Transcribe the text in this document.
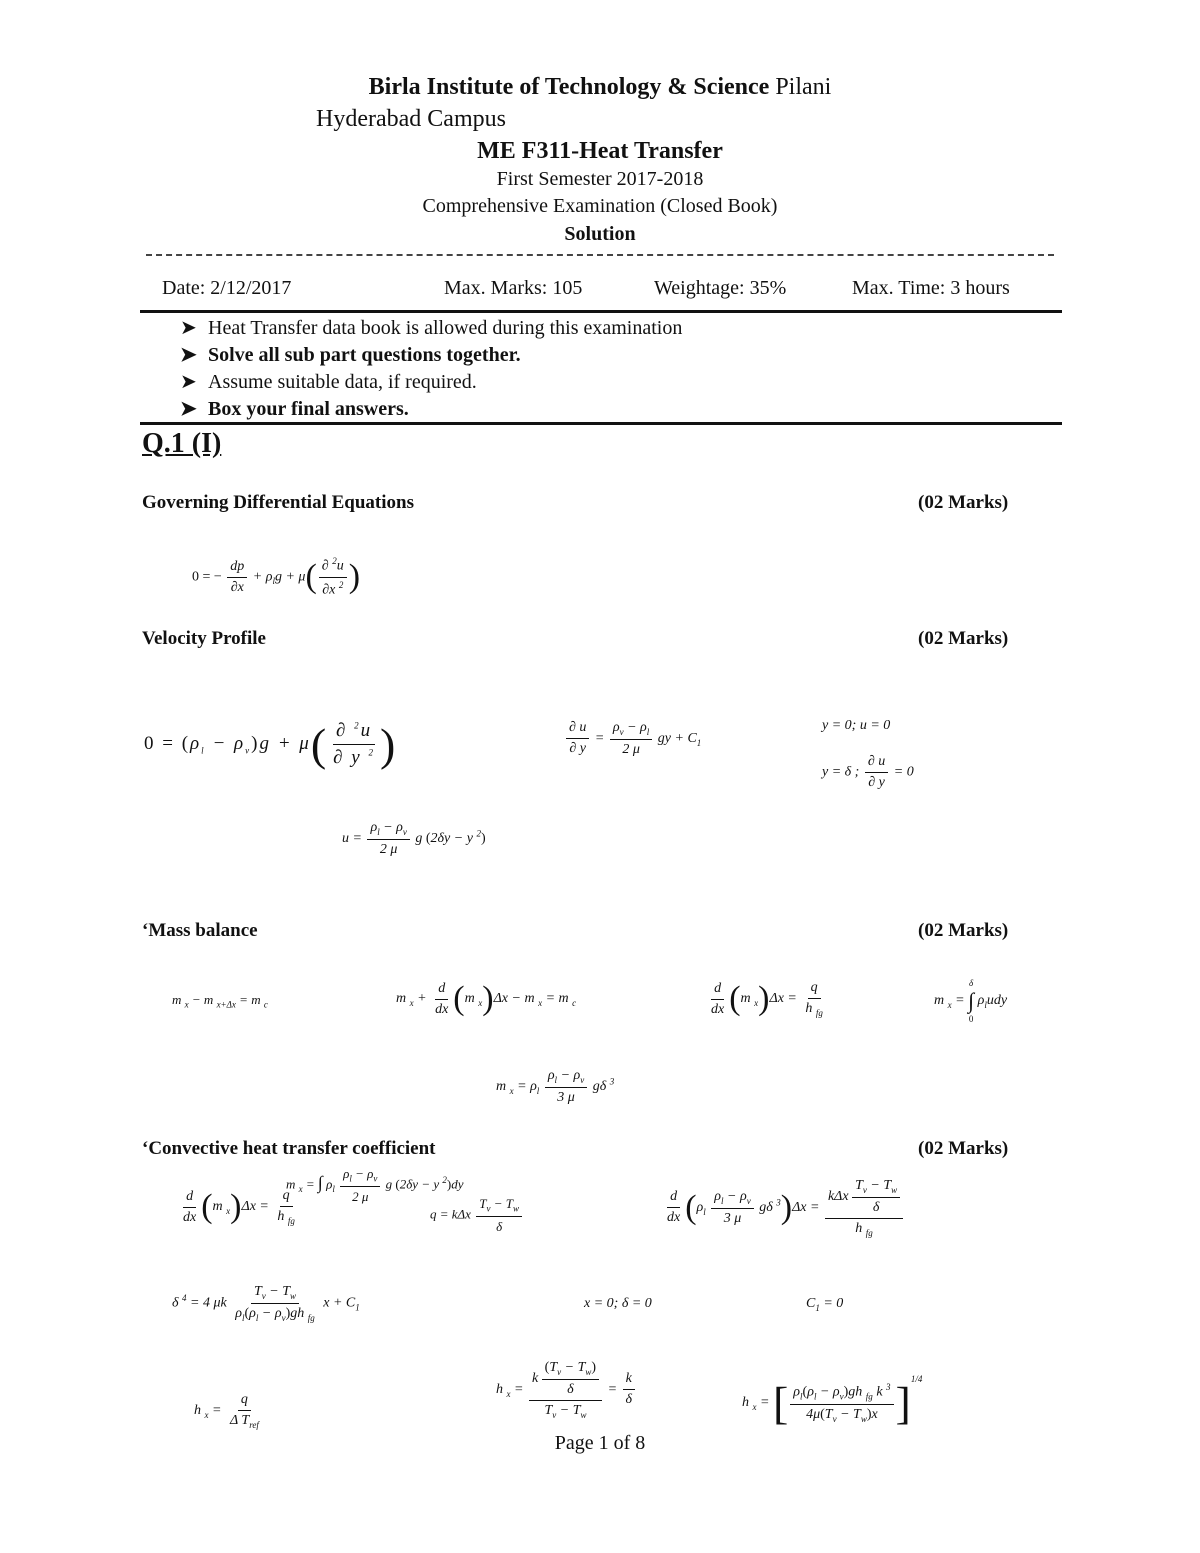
Birla Institute of Technology & Science Pilani
Hyderabad Campus
ME F311-Heat Transfer
First Semester 2017-2018
Comprehensive Examination (Closed Book)
Solution
Date: 2/12/2017	Max. Marks: 105	Weightage: 35%	Max. Time: 3 hours
➤ Heat Transfer data book is allowed during this examination
➤ Solve all sub part questions together.
➤ Assume suitable data, if required.
➤ Box your final answers.
Q.1 (I)
Governing Differential Equations	(02 Marks)
0 = − $\frac{dp}{\partial x} + \rho_lg + \mu( \frac{\partial ^2u}{\partial x ^2}$ )
Velocity Profile	(02 Marks)
$0 = (\rho_l - \rho_v)g + \mu( \frac{\partial ^2u}{\partial y ^2}$ )	$\frac{\partial u}{\partial y} = \frac{\rho_v - \rho_l}{2 \mu}$ gy + $C_1$
y = 0; u = 0
y = δ ; $\frac{\partial u}{\partial y} = 0$
$u = \frac{\rho_l - \rho_v}{2 \mu}$ g (2δy − y $^2$)
‘Mass balance	(02 Marks)
m $_x$ − m $_{x+\Delta x}$ = m $_c$	m $_x + \frac{d}{dx} (m$ $_x$)Δx − m $_x$ = m $_c$	$\frac{d}{dx} (m$ $_x)\Delta x = \frac{q}{h _{fg}}$	m $_x$ =
δ
∫
0
$\rho_ludy$
m $_x = \rho_l \frac{\rho_l - \rho_v}{3 \mu}$ gδ $^3$
‘Convective heat transfer coefficient	(02 Marks)
m $_x$ = ∫ $\rho_l \frac{\rho_l - \rho_v}{2 \mu}$ g (2δy − y $^2$)dy
$\frac{d}{dx} (m$ $_x)\Delta x = \frac{q}{h _{fg}}$	q = kΔx $\frac{T_v - T_w}{\delta}$	$\frac{d}{dx} (\rho_l \frac{\rho_l - \rho_v}{3 \mu}$ gδ $^3)\Delta x = \frac{k\Delta x \frac{T_v - T_w}{\delta}}{h _{fg}}$
δ $^4$ = 4 μk $\frac{T_v - T_w}{\rho_l(\rho_l - \rho_v)gh _{fg}}$ $x + C_1$	x = 0; δ = 0	$C_1 = 0$
h $_x = \frac{q}{\Delta T_{ref}}$
h $_x = \frac{k \frac{(T_v - T_w)}{\delta}}{T_v - T_w} = \frac{k}{\delta}$	h $_x$ = [ $\frac{\rho_l(\rho_l - \rho_v)gh _{fg} k ^3}{4\mu(T_v - T_w)x} ]^{1/4}$
Page 1 of 8
